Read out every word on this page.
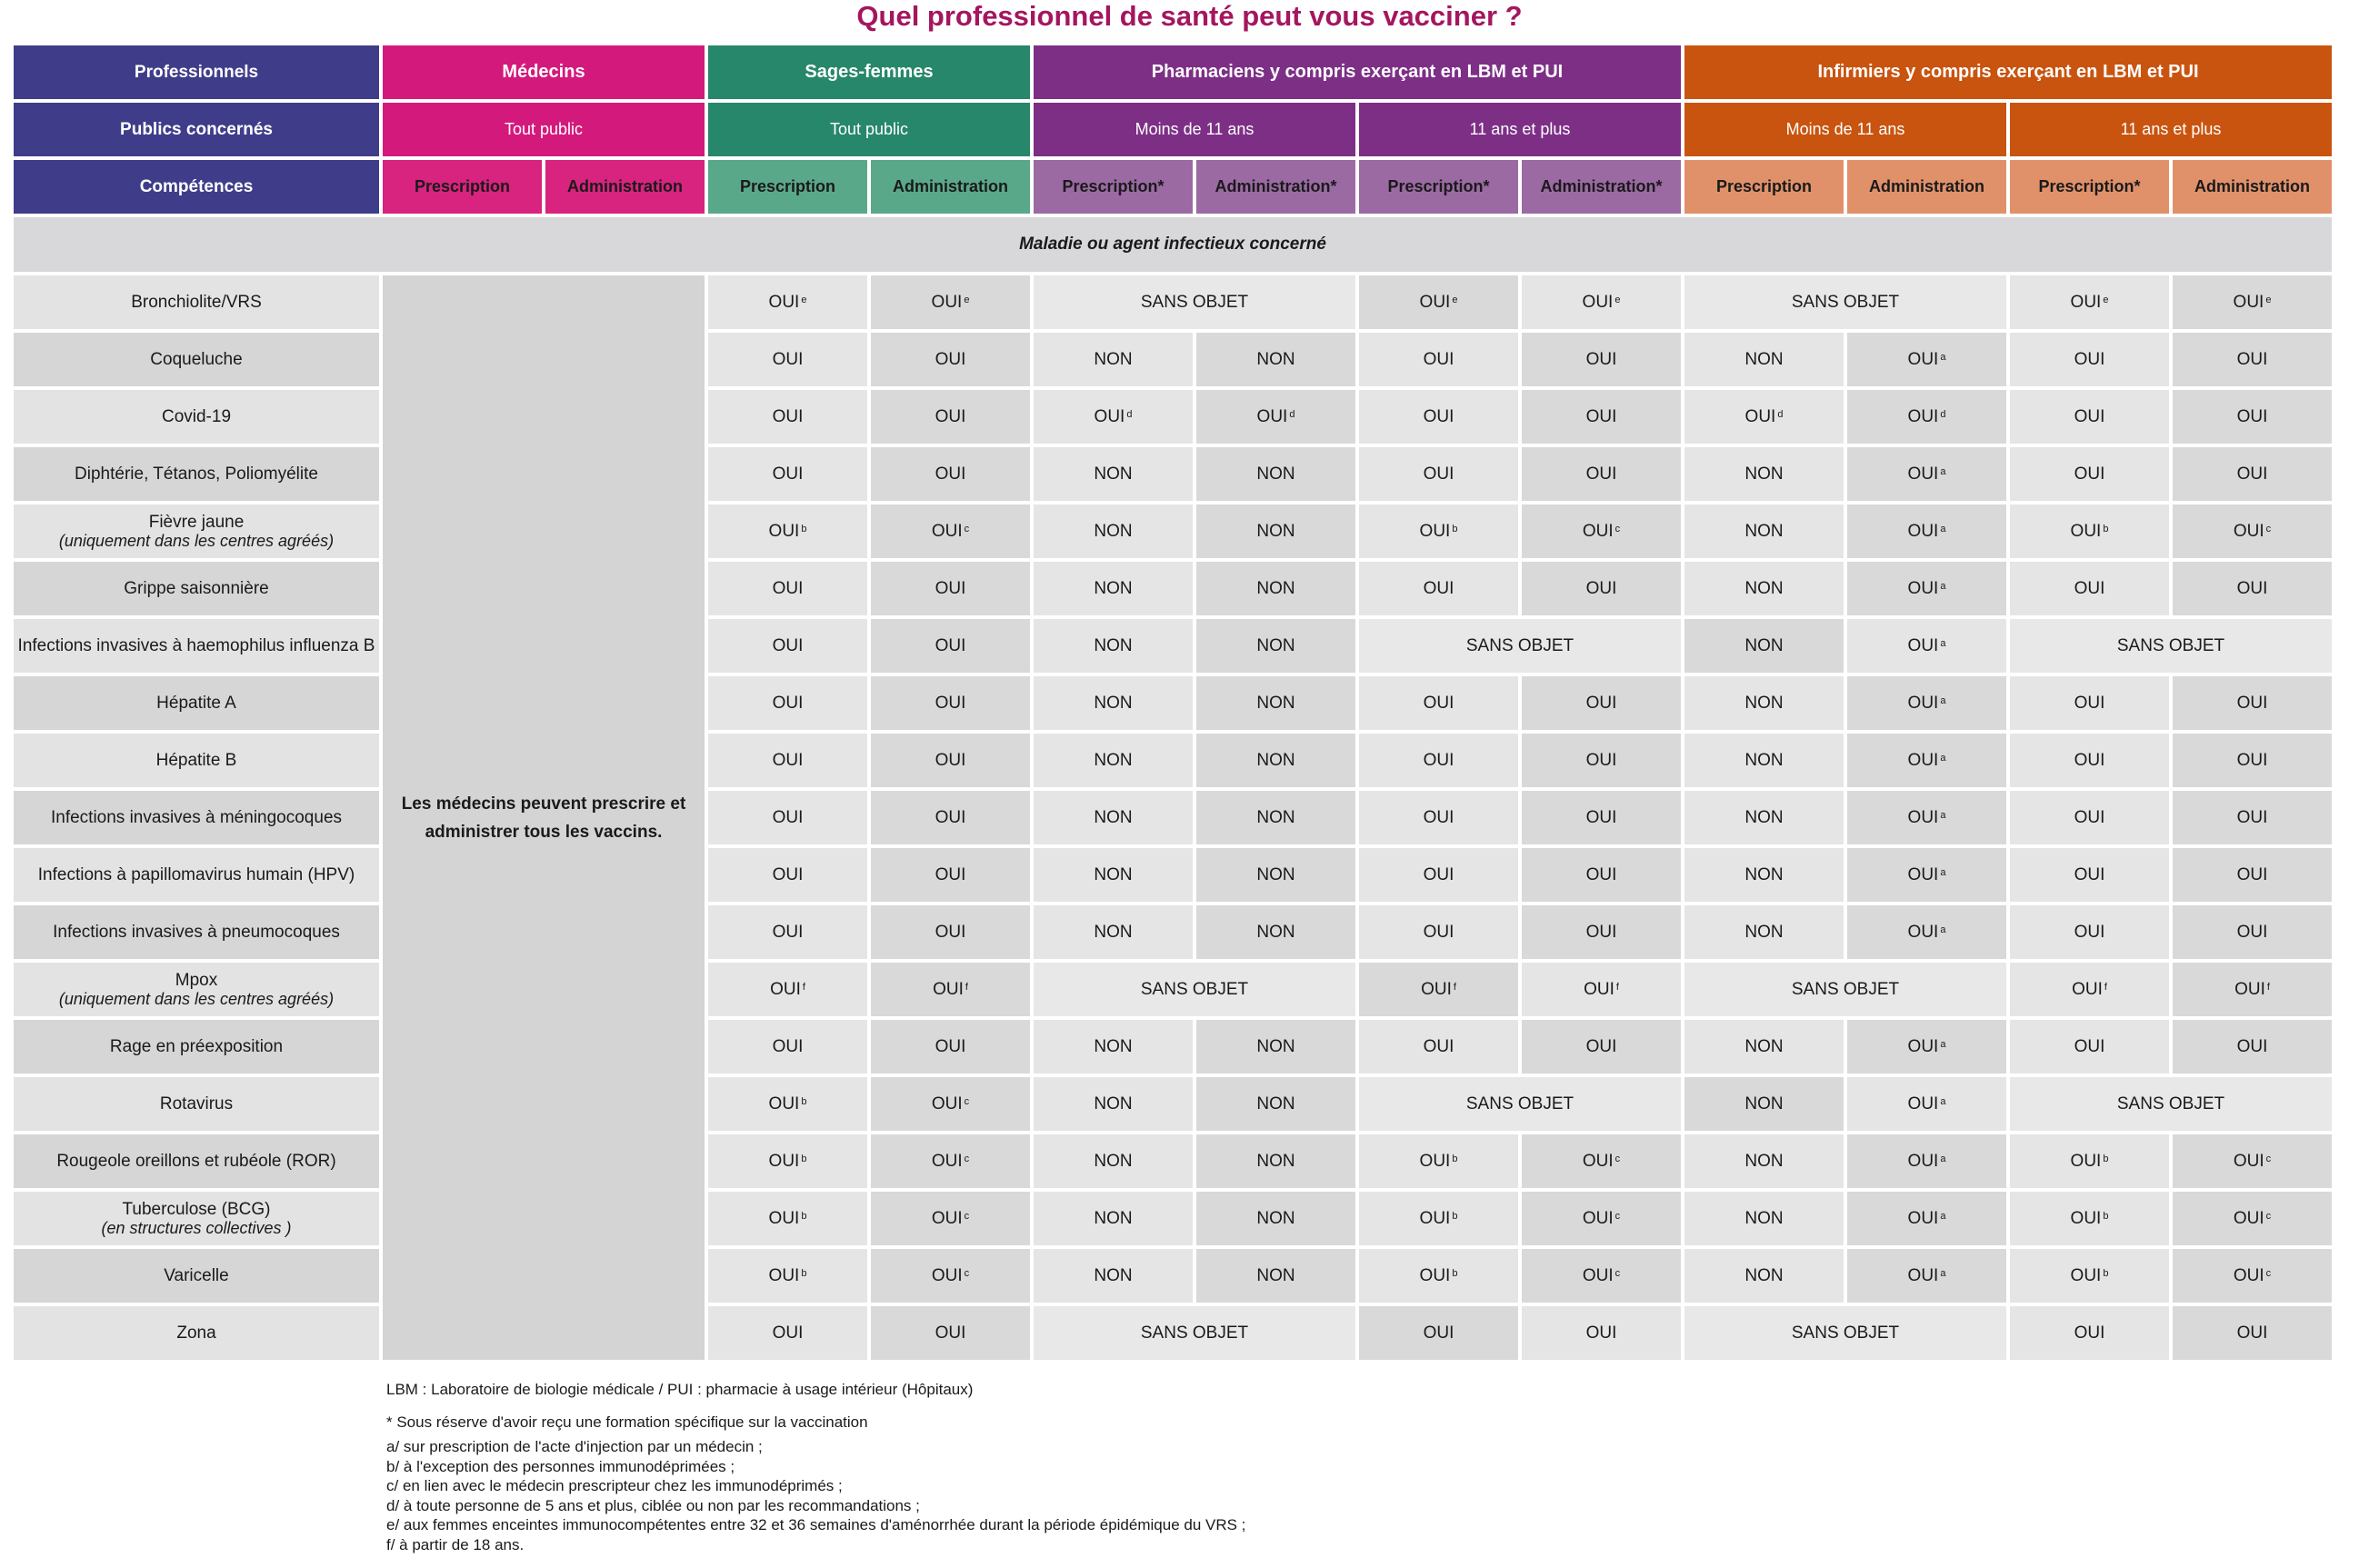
Quel professionnel de santé peut vous vacciner ?
Professionnels	Médecins		Sages-femmes		Pharmaciens y compris exerçant en LBM et PUI				Infirmiers y compris exerçant en LBM et PUI			
Publics concernés	Tout public		Tout public		Moins de 11 ans		11 ans et plus		Moins de 11 ans		11 ans et plus	
Compétences	Prescription	Administration	Prescription	Administration	Prescription*	Administration*	Prescription*	Administration*	Prescription	Administration	Prescription*	Administration
Maladie ou agent infectieux concerné												

Bronchiolite/VRS	Les médecins peuvent prescrire et administrer tous les vaccins.		OUI $^e$	OUI $^e$	SANS OBJET		OUI $^e$	OUI $^e$	SANS OBJET		OUI $^e$	OUI $^e$

Coqueluche			OUI	OUI	NON	NON	OUI	OUI	NON	OUI $^a$	OUI	OUI

Covid-19			OUI	OUI	OUI $^d$	OUI $^d$	OUI	OUI	OUI $^d$	OUI $^d$	OUI	OUI

Diphtérie, Tétanos, Poliomyélite			OUI	OUI	NON	NON	OUI	OUI	NON	OUI $^a$	OUI	OUI

Fièvre jaune
(uniquement dans les centres agréés)			OUI $^b$	OUI $^c$	NON	NON	OUI $^b$	OUI $^c$	NON	OUI $^a$	OUI $^b$	OUI $^c$

Grippe saisonnière			OUI	OUI	NON	NON	OUI	OUI	NON	OUI $^a$	OUI	OUI

Infections invasives à haemophilus influenza B			OUI	OUI	NON	NON	SANS OBJET		NON	OUI $^a$	SANS OBJET	

Hépatite A			OUI	OUI	NON	NON	OUI	OUI	NON	OUI $^a$	OUI	OUI

Hépatite B			OUI	OUI	NON	NON	OUI	OUI	NON	OUI $^a$	OUI	OUI

Infections invasives à méningocoques			OUI	OUI	NON	NON	OUI	OUI	NON	OUI $^a$	OUI	OUI

Infections à papillomavirus humain (HPV)			OUI	OUI	NON	NON	OUI	OUI	NON	OUI $^a$	OUI	OUI

Infections invasives à pneumocoques			OUI	OUI	NON	NON	OUI	OUI	NON	OUI $^a$	OUI	OUI

Mpox
(uniquement dans les centres agréés)			OUI $^f$	OUI $^f$	SANS OBJET		OUI $^f$	OUI $^f$	SANS OBJET		OUI $^f$	OUI $^f$

Rage en préexposition			OUI	OUI	NON	NON	OUI	OUI	NON	OUI $^a$	OUI	OUI

Rotavirus			OUI $^b$	OUI $^c$	NON	NON	SANS OBJET		NON	OUI $^a$	SANS OBJET	

Rougeole oreillons et rubéole (ROR)			OUI $^b$	OUI $^c$	NON	NON	OUI $^b$	OUI $^c$	NON	OUI $^a$	OUI $^b$	OUI $^c$

Tuberculose (BCG)
(en structures collectives )			OUI $^b$	OUI $^c$	NON	NON	OUI $^b$	OUI $^c$	NON	OUI $^a$	OUI $^b$	OUI $^c$

Varicelle			OUI $^b$	OUI $^c$	NON	NON	OUI $^b$	OUI $^c$	NON	OUI $^a$	OUI $^b$	OUI $^c$

Zona			OUI	OUI	SANS OBJET		OUI	OUI	SANS OBJET		OUI	OUI
LBM : Laboratoire de biologie médicale / PUI : pharmacie à usage intérieur (Hôpitaux)
* Sous réserve d'avoir reçu une formation spécifique sur la vaccination
a/ sur prescription de l'acte d'injection par un médecin ;
b/ à l'exception des personnes immunodéprimées ;
c/ en lien avec le médecin prescripteur chez les immunodéprimés ;
d/ à toute personne de 5 ans et plus, ciblée ou non par les recommandations ;
e/ aux femmes enceintes immunocompétentes entre 32 et 36 semaines d'aménorrhée durant la période épidémique du VRS ;
f/ à partir de 18 ans.
